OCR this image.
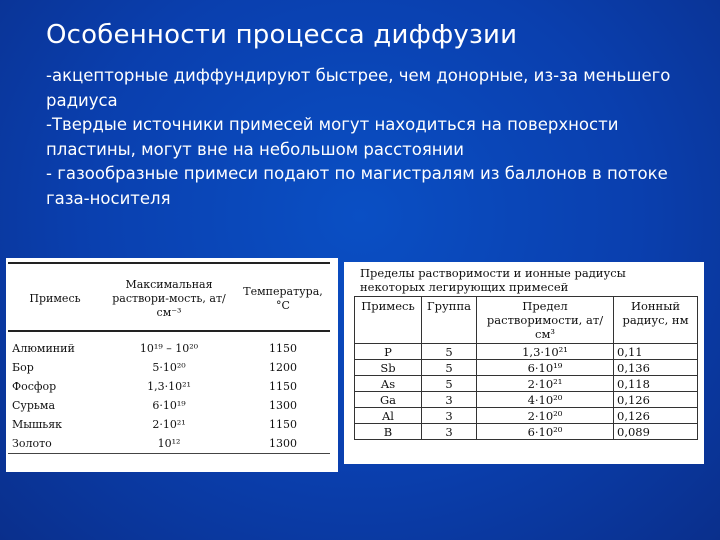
Особенности процесса диффузии

-акцепторные диффундируют быстрее, чем донорные, из-за меньшего радиуса

-Твердые источники примесей могут находиться на поверхности пластины, могут вне на небольшом расстоянии

- газообразные примеси подают по магистралям из баллонов в потоке газа-носителя

Примесь	Максимальная раствори-мость, ат/см⁻³	Температура, °С
Алюминий	10¹⁹ – 10²⁰	1150
Бор	5·10²⁰	1200
Фосфор	1,3·10²¹	1150
Сурьма	6·10¹⁹	1300
Мышьяк	2·10²¹	1150
Золото	10¹²	1300
Пределы растворимости и ионные радиусы
некоторых легирующих примесей
Примесь	Группа	Предел растворимости, ат/см³	Ионный радиус, нм
P	5	1,3·10²¹	0,11
Sb	5	6·10¹⁹	0,136
As	5	2·10²¹	0,118
Ga	3	4·10²⁰	0,126
Al	3	2·10²⁰	0,126
B	3	6·10²⁰	0,089
